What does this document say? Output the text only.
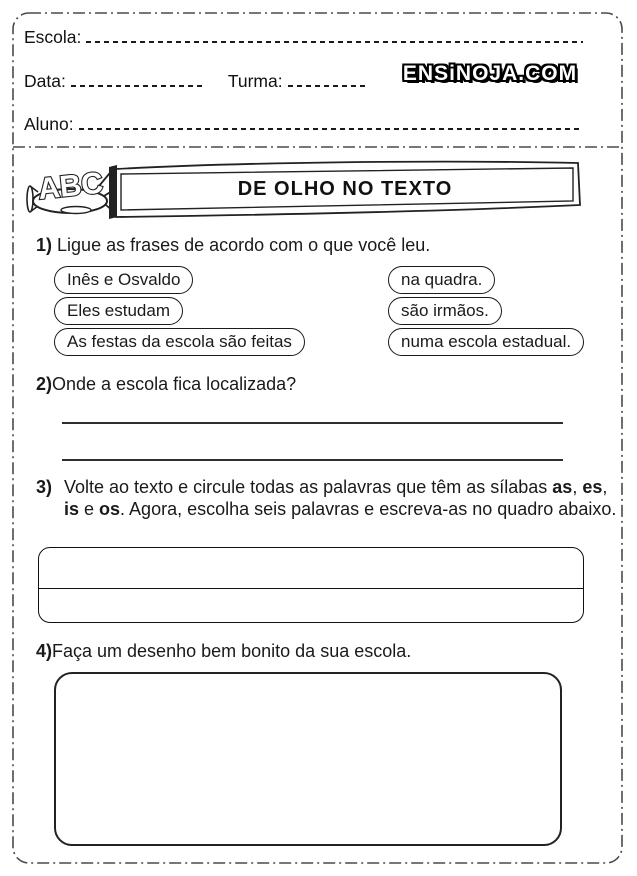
Escola:
Data:	Turma:	ENSiNOJA.COM
Aluno:
ABC	DE OLHO NO TEXTO
1) Ligue as frases de acordo com o que você leu.
Inês e Osvaldo
Eles estudam
As festas da escola são feitas
na quadra.
são irmãos.
numa escola estadual.
2)Onde a escola fica localizada?
3) Volte ao texto e circule todas as palavras que têm as sílabas as, es, is e os. Agora, escolha seis palavras e escreva-as no quadro abaixo.
4)Faça um desenho bem bonito da sua escola.
